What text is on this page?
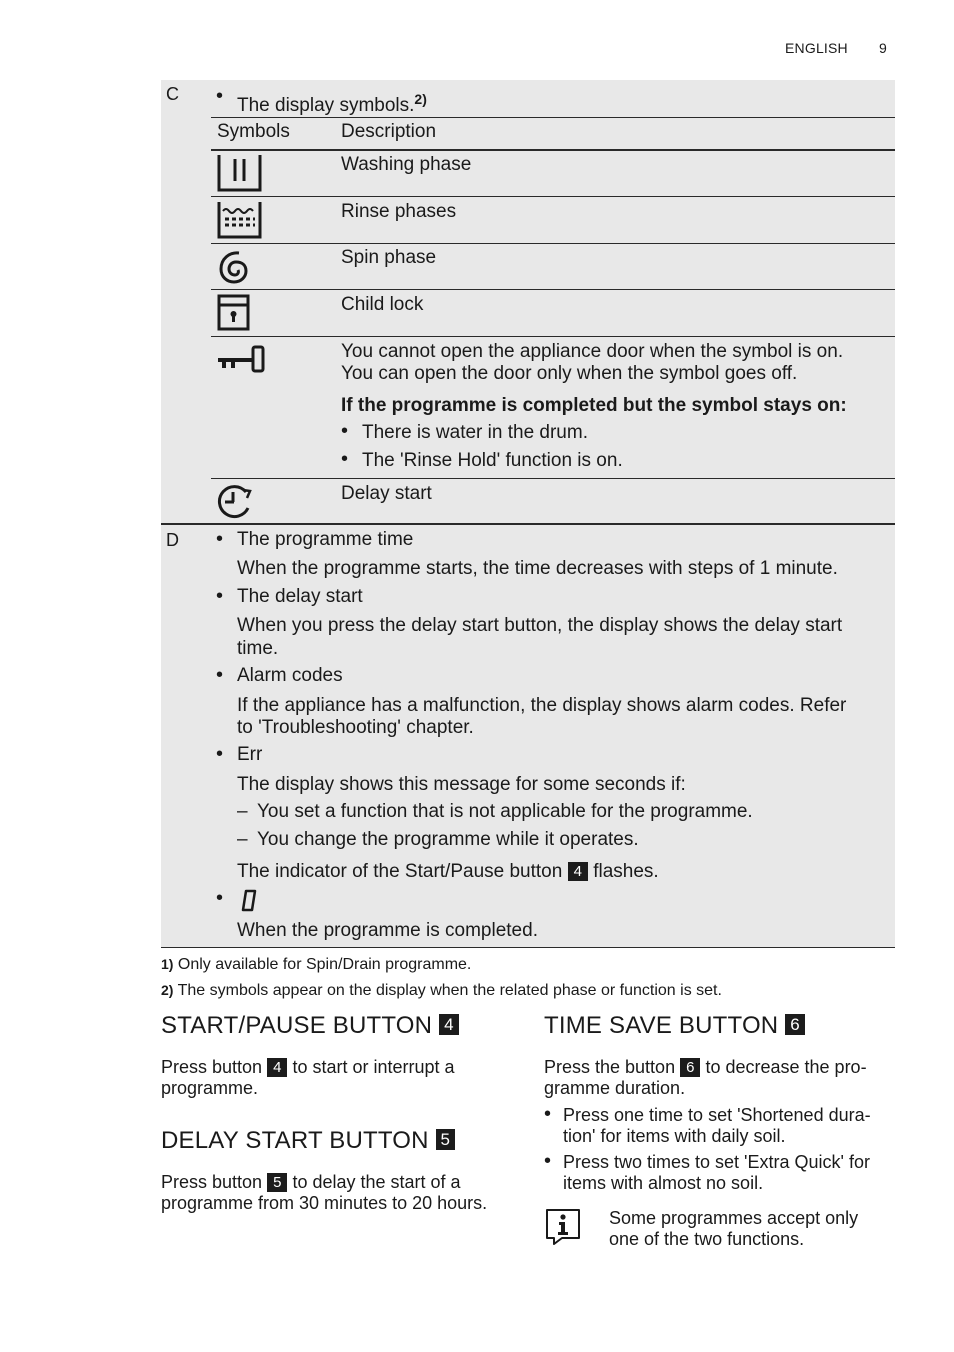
ENGLISH 9
C • The display symbols.$^{2)}$
Symbols	Description
Washing phase
Rinse phases
Spin phase
Child lock
You cannot open the appliance door when the symbol is on.
You can open the door only when the symbol goes off.
If the programme is completed but the symbol stays on:
• There is water in the drum.
• The 'Rinse Hold' function is on.
Delay start
D • The programme time
When the programme starts, the time decreases with steps of 1 minute.
• The delay start
When you press the delay start button, the display shows the delay start
time.
• Alarm codes
If the appliance has a malfunction, the display shows alarm codes. Refer
to 'Troubleshooting' chapter.
• Err
The display shows this message for some seconds if:
– You set a function that is not applicable for the programme.
– You change the programme while it operates.
The indicator of the Start/Pause button 4 flashes.
•
When the programme is completed.
1) Only available for Spin/Drain programme.
2) The symbols appear on the display when the related phase or function is set.
START/PAUSE BUTTON 4
Press button 4 to start or interrupt a
programme.
DELAY START BUTTON 5
Press button 5 to delay the start of a
programme from 30 minutes to 20 hours.
TIME SAVE BUTTON 6
Press the button 6 to decrease the pro-
gramme duration.
• Press one time to set 'Shortened dura-
tion' for items with daily soil.
• Press two times to set 'Extra Quick' for
items with almost no soil.
Some programmes accept only
one of the two functions.
